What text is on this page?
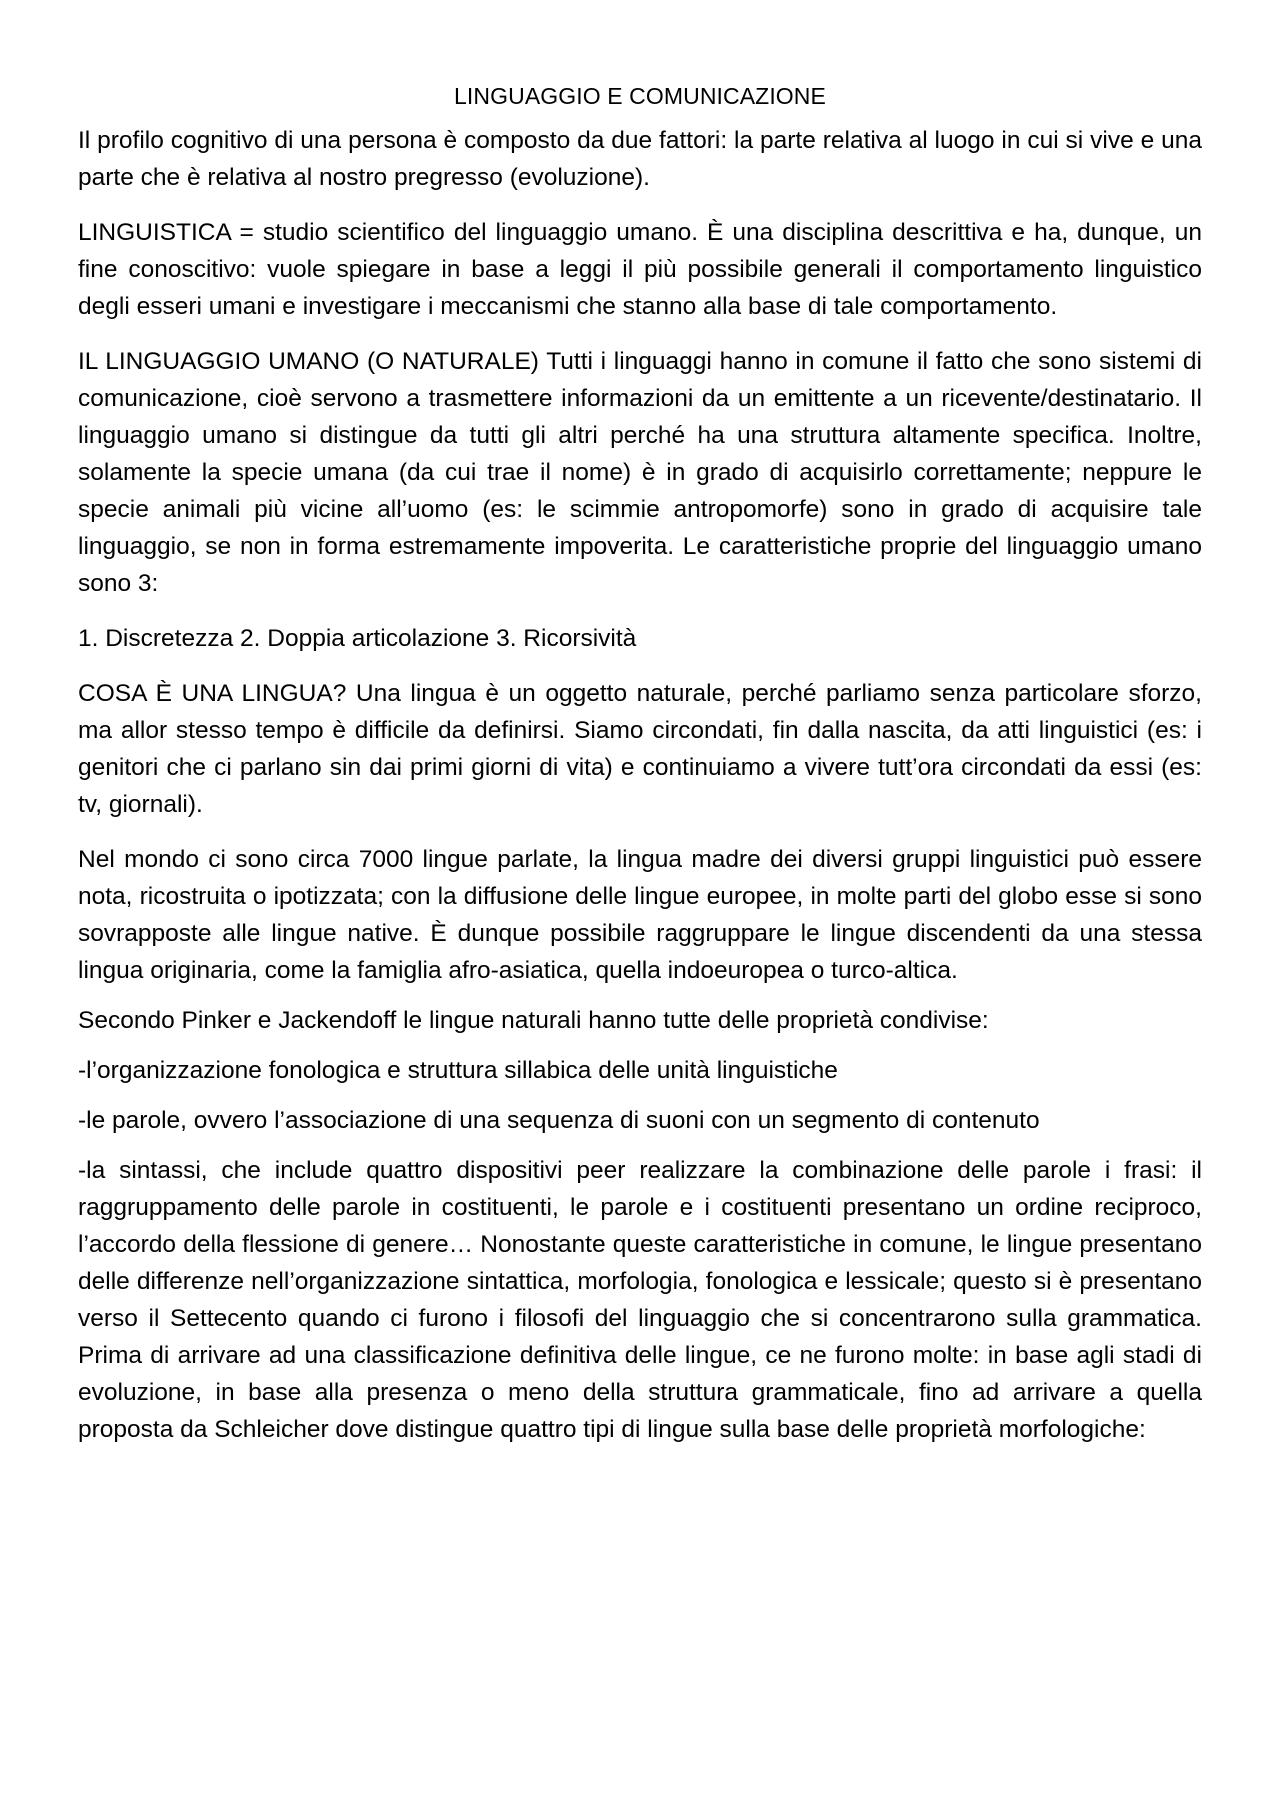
LINGUAGGIO E COMUNICAZIONE

Il profilo cognitivo di una persona è composto da due fattori: la parte relativa al luogo in cui si vive e una parte che è relativa al nostro pregresso (evoluzione).

LINGUISTICA = studio scientifico del linguaggio umano. È una disciplina descrittiva e ha, dunque, un fine conoscitivo: vuole spiegare in base a leggi il più possibile generali il comportamento linguistico degli esseri umani e investigare i meccanismi che stanno alla base di tale comportamento.

IL LINGUAGGIO UMANO (O NATURALE) Tutti i linguaggi hanno in comune il fatto che sono sistemi di comunicazione, cioè servono a trasmettere informazioni da un emittente a un ricevente/destinatario. Il linguaggio umano si distingue da tutti gli altri perché ha una struttura altamente specifica. Inoltre, solamente la specie umana (da cui trae il nome) è in grado di acquisirlo correttamente; neppure le specie animali più vicine all’uomo (es: le scimmie antropomorfe) sono in grado di acquisire tale linguaggio, se non in forma estremamente impoverita. Le caratteristiche proprie del linguaggio umano sono 3:

1. Discretezza 2. Doppia articolazione 3. Ricorsività

COSA È UNA LINGUA? Una lingua è un oggetto naturale, perché parliamo senza particolare sforzo, ma allor stesso tempo è difficile da definirsi. Siamo circondati, fin dalla nascita, da atti linguistici (es: i genitori che ci parlano sin dai primi giorni di vita) e continuiamo a vivere tutt’ora circondati da essi (es: tv, giornali).

Nel mondo ci sono circa 7000 lingue parlate, la lingua madre dei diversi gruppi linguistici può essere nota, ricostruita o ipotizzata; con la diffusione delle lingue europee, in molte parti del globo esse si sono sovrapposte alle lingue native. È dunque possibile raggruppare le lingue discendenti da una stessa lingua originaria, come la famiglia afro-asiatica, quella indoeuropea o turco-altica.

Secondo Pinker e Jackendoff le lingue naturali hanno tutte delle proprietà condivise:

-l’organizzazione fonologica e struttura sillabica delle unità linguistiche

-le parole, ovvero l’associazione di una sequenza di suoni con un segmento di contenuto

-la sintassi, che include quattro dispositivi peer realizzare la combinazione delle parole i frasi: il raggruppamento delle parole in costituenti, le parole e i costituenti presentano un ordine reciproco, l’accordo della flessione di genere… Nonostante queste caratteristiche in comune, le lingue presentano delle differenze nell’organizzazione sintattica, morfologia, fonologica e lessicale; questo si è presentano verso il Settecento quando ci furono i filosofi del linguaggio che si concentrarono sulla grammatica. Prima di arrivare ad una classificazione definitiva delle lingue, ce ne furono molte: in base agli stadi di evoluzione, in base alla presenza o meno della struttura grammaticale, fino ad arrivare a quella proposta da Schleicher dove distingue quattro tipi di lingue sulla base delle proprietà morfologiche:
